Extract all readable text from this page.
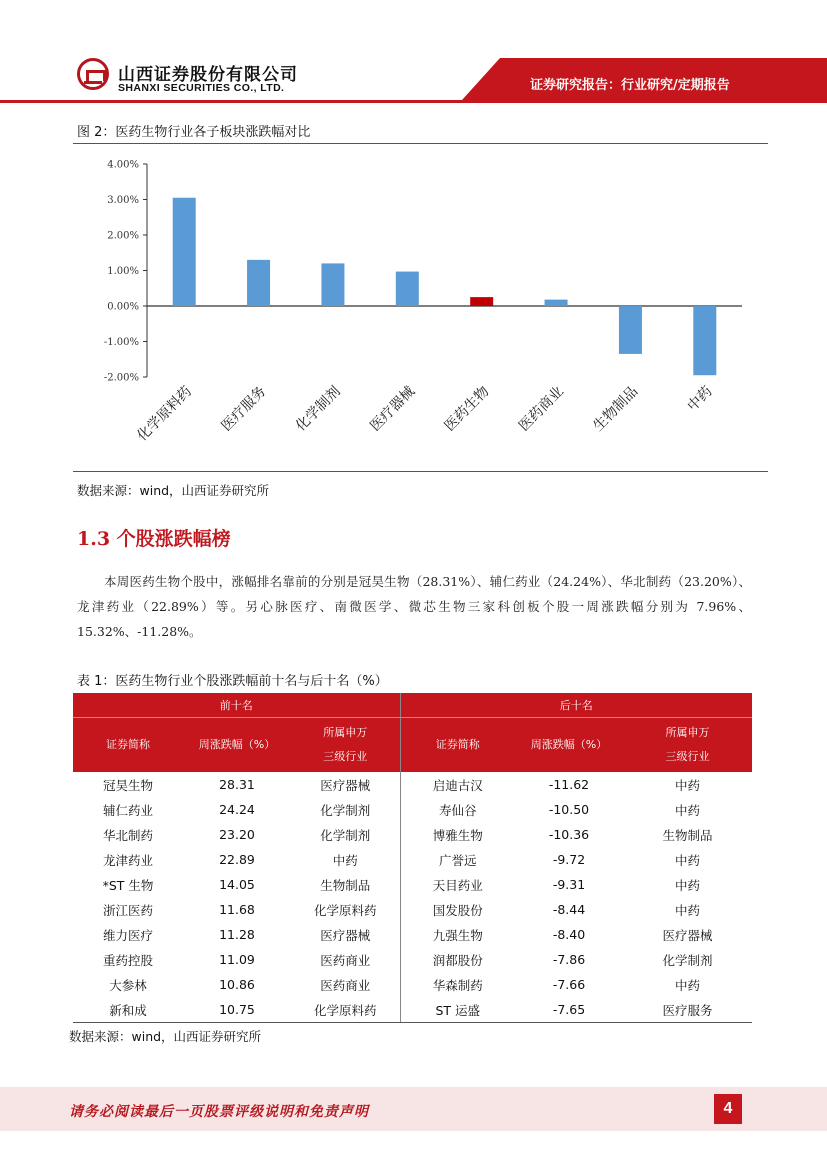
山西证券股份有限公司
SHANXI SECURITIES CO., LTD.	证券研究报告：行业研究/定期报告
图 2：医药生物行业各子板块涨跌幅对比
-2.00%
-1.00%
0.00%
1.00%
2.00%
3.00%
4.00%
化学原料药 医疗服务 化学制剂 医疗器械 医药生物 医药商业 生物制品	中药
数据来源：wind，山西证券研究所
1.3 个股涨跌幅榜
本周医药生物个股中，涨幅排名靠前的分别是冠昊生物（28.31%）、辅仁药业（24.24%）、华北制药（23.20%）、龙津药业（22.89%）等。另心脉医疗、南微医学、微芯生物三家科创板个股一周涨跌幅分别为 7.96%、15.32%、-11.28%。
表 1：医药生物行业个股涨跌幅前十名与后十名（%）
前十名			后十名		
证券简称	周涨跌幅（%）	所属申万
三级行业	证券简称	周涨跌幅（%）	所属申万
三级行业
冠昊生物	28.31	医疗器械	启迪古汉	-11.62	中药
辅仁药业	24.24	化学制剂	寿仙谷	-10.50	中药
华北制药	23.20	化学制剂	博雅生物	-10.36	生物制品
龙津药业	22.89	中药	广誉远	-9.72	中药
*ST 生物	14.05	生物制品	天目药业	-9.31	中药
浙江医药	11.68	化学原料药	国发股份	-8.44	中药
维力医疗	11.28	医疗器械	九强生物	-8.40	医疗器械
重药控股	11.09	医药商业	润都股份	-7.86	化学制剂
大参林	10.86	医药商业	华森制药	-7.66	中药
新和成	10.75	化学原料药	ST 运盛	-7.65	医疗服务
数据来源：wind，山西证券研究所
请务必阅读最后一页股票评级说明和免责声明	4
